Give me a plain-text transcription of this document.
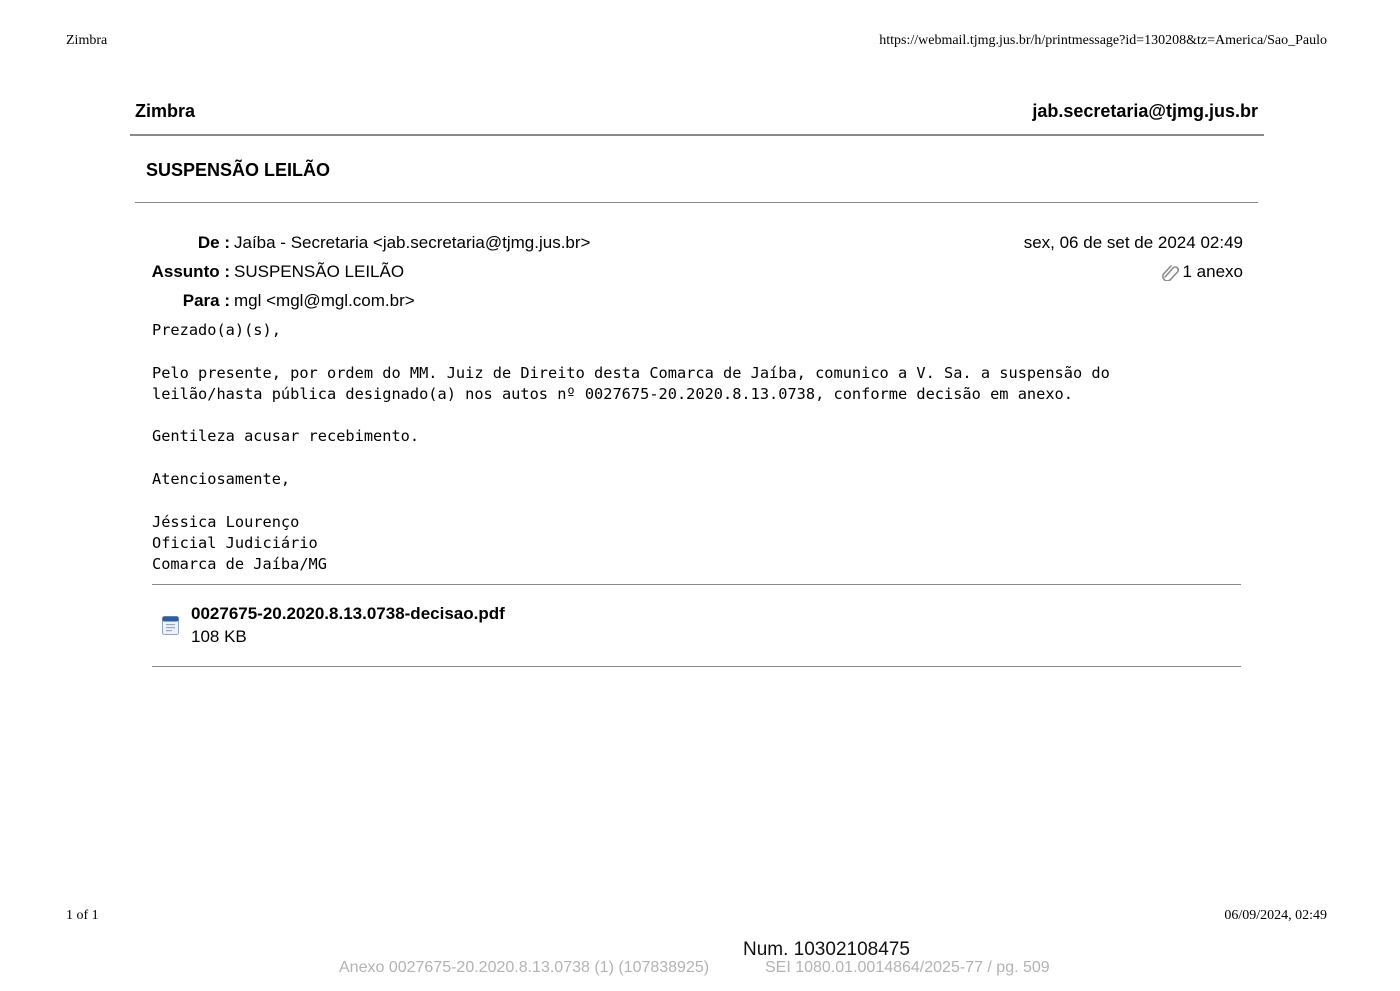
Zimbra	https://webmail.tjmg.jus.br/h/printmessage?id=130208&tz=America/Sao_Paulo
Zimbra	jab.secretaria@tjmg.jus.br
SUSPENSÃO LEILÃO
De : Jaíba - Secretaria <jab.secretaria@tjmg.jus.br>	sex, 06 de set de 2024 02:49
Assunto : SUSPENSÃO LEILÃO	1 anexo
Para : mgl <mgl@mgl.com.br>
Prezado(a)(s),

Pelo presente, por ordem do MM. Juiz de Direito desta Comarca de Jaíba, comunico a V. Sa. a suspensão do
leilão/hasta pública designado(a) nos autos nº 0027675-20.2020.8.13.0738, conforme decisão em anexo.

Gentileza acusar recebimento.

Atenciosamente,

Jéssica Lourenço
Oficial Judiciário
Comarca de Jaíba/MG
0027675-20.2020.8.13.0738-decisao.pdf
108 KB
1 of 1	06/09/2024, 02:49
Num. 10302108475
Anexo 0027675-20.2020.8.13.0738 (1) (107838925)	SEI 1080.01.0014864/2025-77 / pg. 509
